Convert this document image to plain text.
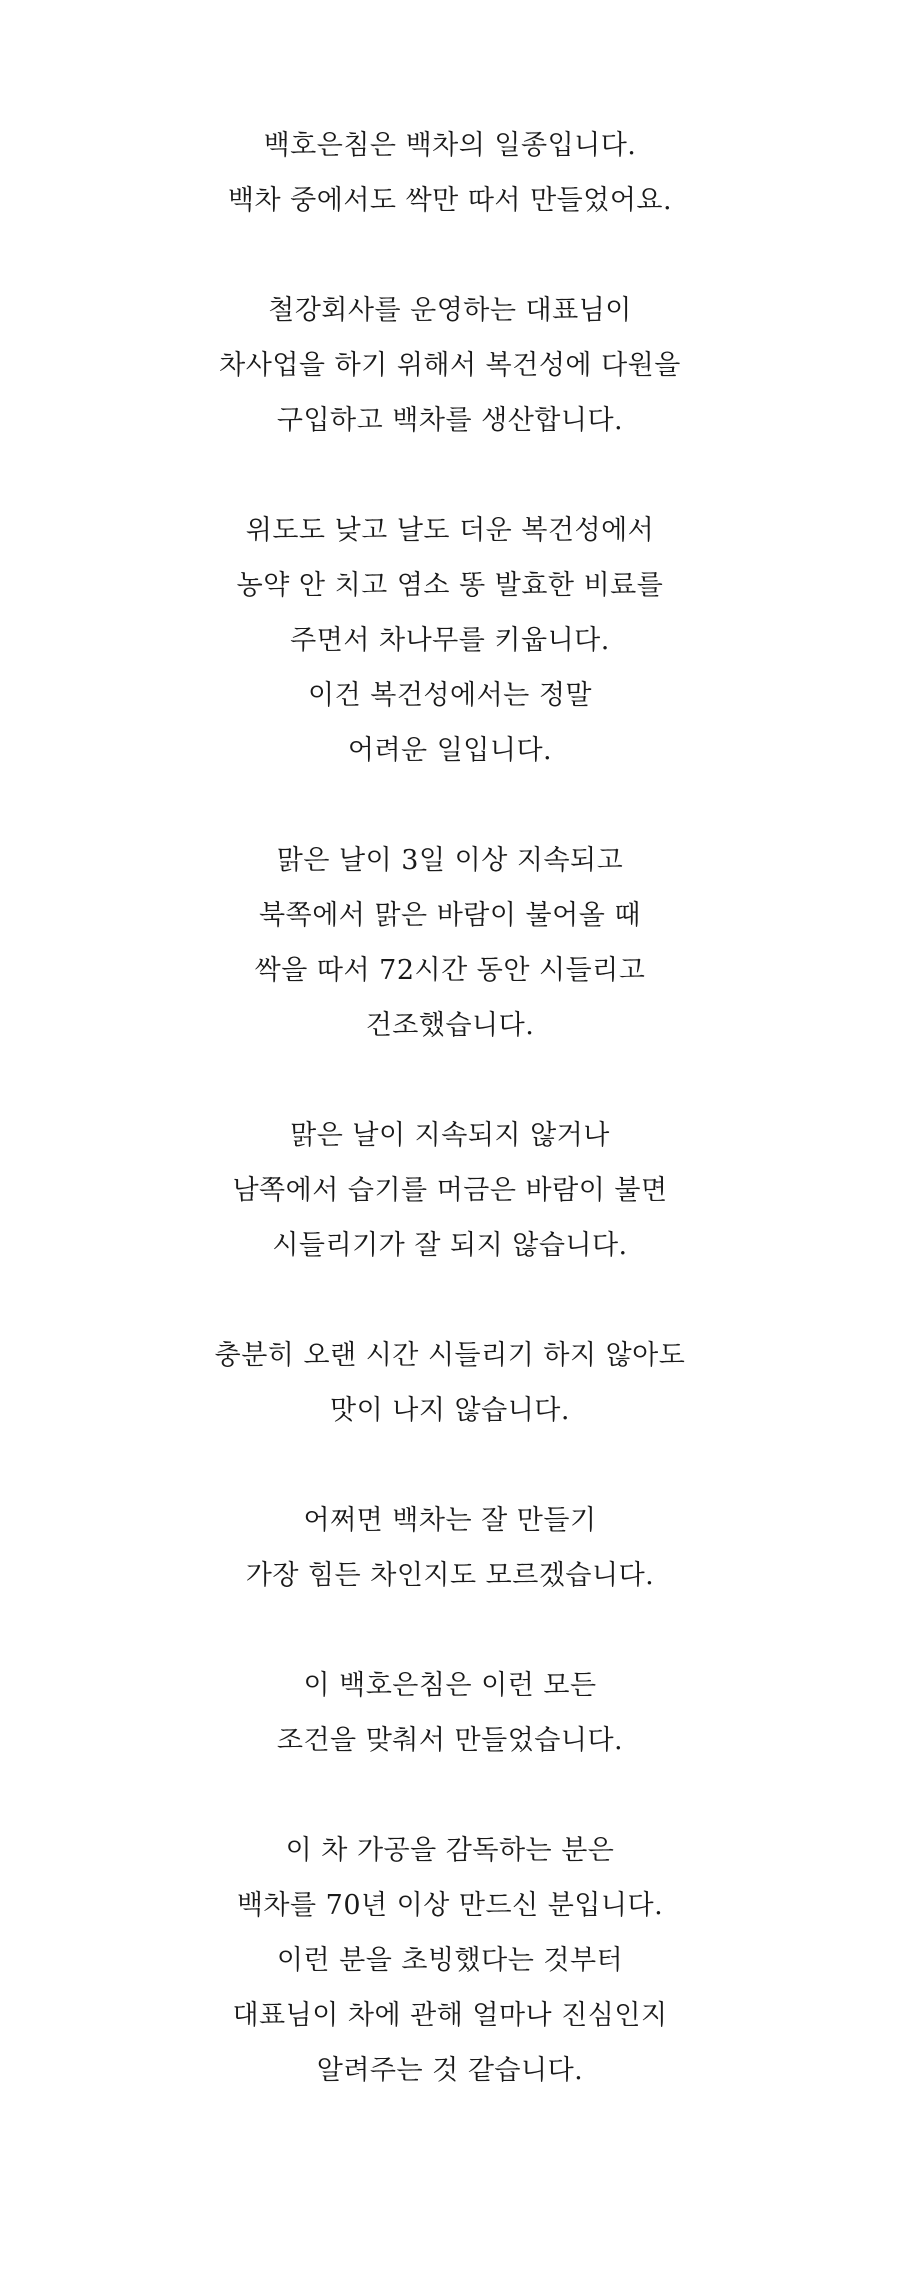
백호은침은 백차의 일종입니다.
백차 중에서도 싹만 따서 만들었어요.

철강회사를 운영하는 대표님이
차사업을 하기 위해서 복건성에 다원을
구입하고 백차를 생산합니다.

위도도 낮고 날도 더운 복건성에서
농약 안 치고 염소 똥 발효한 비료를
주면서 차나무를 키웁니다.
이건 복건성에서는 정말
어려운 일입니다.

맑은 날이 3일 이상 지속되고
북쪽에서 맑은 바람이 불어올 때
싹을 따서 72시간 동안 시들리고
건조했습니다.

맑은 날이 지속되지 않거나
남쪽에서 습기를 머금은 바람이 불면
시들리기가 잘 되지 않습니다.

충분히 오랜 시간 시들리기 하지 않아도
맛이 나지 않습니다.

어쩌면 백차는 잘 만들기
가장 힘든 차인지도 모르겠습니다.

이 백호은침은 이런 모든
조건을 맞춰서 만들었습니다.

이 차 가공을 감독하는 분은
백차를 70년 이상 만드신 분입니다.
이런 분을 초빙했다는 것부터
대표님이 차에 관해 얼마나 진심인지
알려주는 것 같습니다.
